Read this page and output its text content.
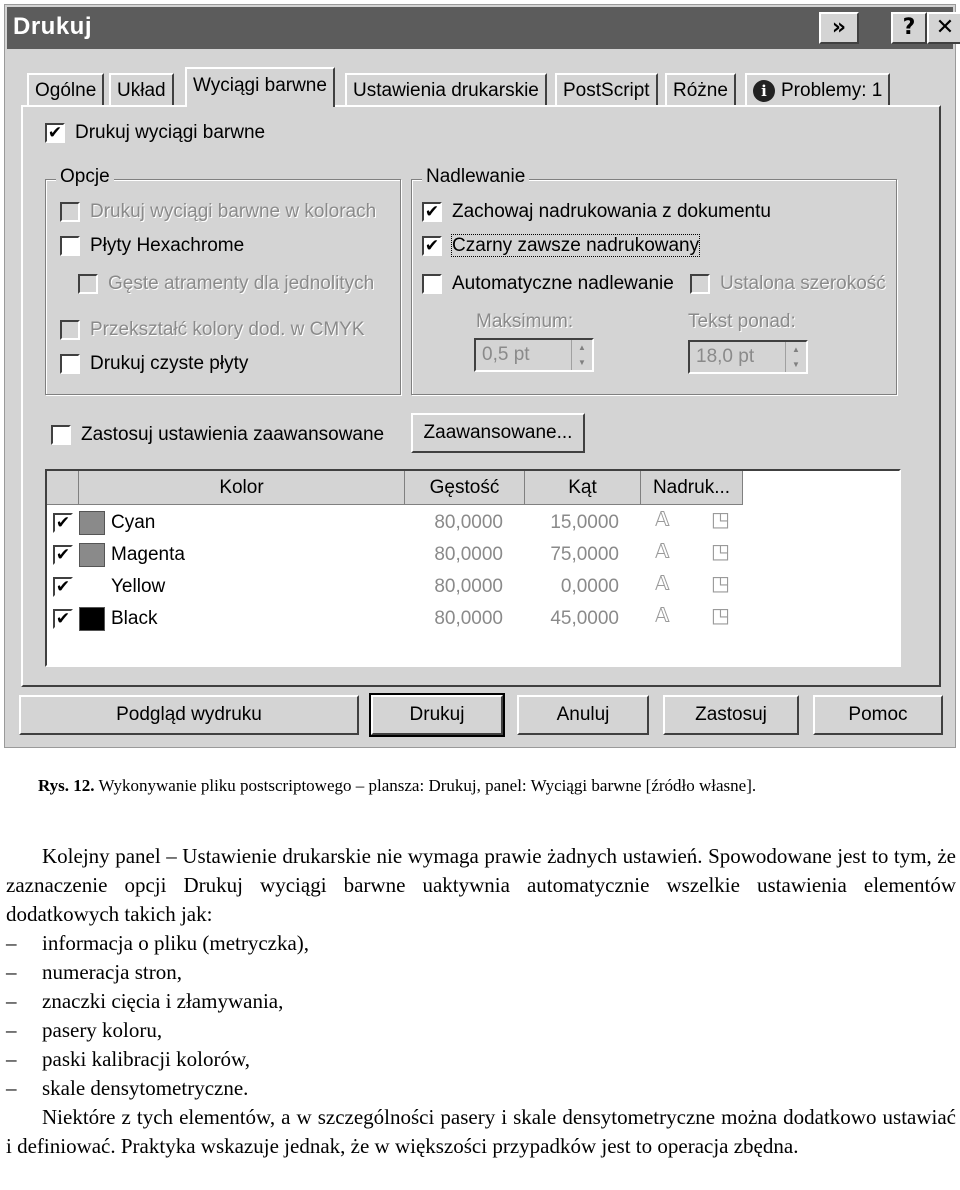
Drukuj	»	? ✕
Ogólne	Układ	Wyciągi barwne	Ustawienia drukarskie	PostScript	Różne	i Problemy: 1
✔ Drukuj wyciągi barwne
Opcje
Drukuj wyciągi barwne w kolorach
Płyty Hexachrome
Gęste atramenty dla jednolitych
Przekształć kolory dod. w CMYK
Drukuj czyste płyty
Nadlewanie
✔ Zachowaj nadrukowania z dokumentu
✔ Czarny zawsze nadrukowany
Automatyczne nadlewanie	Ustalona szerokość
Maksimum:
0,5 pt	▲
▼
Tekst ponad:
18,0 pt	▲
▼
Zastosuj ustawienia zaawansowane	Zaawansowane...
Kolor	Gęstość	Kąt	Nadruk...
✔ Cyan	80,0000	15,0000 𝔸 ◳
✔ Magenta	80,0000	75,0000 𝔸 ◳
✔ Yellow	80,0000	0,0000 𝔸 ◳
✔ Black	80,0000	45,0000 𝔸 ◳
Podgląd wydruku	Drukuj	Anuluj	Zastosuj	Pomoc
Rys. 12. Wykonywanie pliku postscriptowego – plansza: Drukuj, panel: Wyciągi barwne [źródło własne].
Kolejny panel – Ustawienie drukarskie nie wymaga prawie żadnych ustawień. Spowodowane jest to tym, że zaznaczenie opcji Drukuj wyciągi barwne uaktywnia automatycznie wszelkie ustawienia elementów dodatkowych takich jak:
– informacja o pliku (metryczka),
– numeracja stron,
– znaczki cięcia i złamywania,
– pasery koloru,
– paski kalibracji kolorów,
– skale densytometryczne.
Niektóre z tych elementów, a w szczególności pasery i skale densytometryczne można dodatkowo ustawiać i definiować. Praktyka wskazuje jednak, że w większości przypadków jest to operacja zbędna.
